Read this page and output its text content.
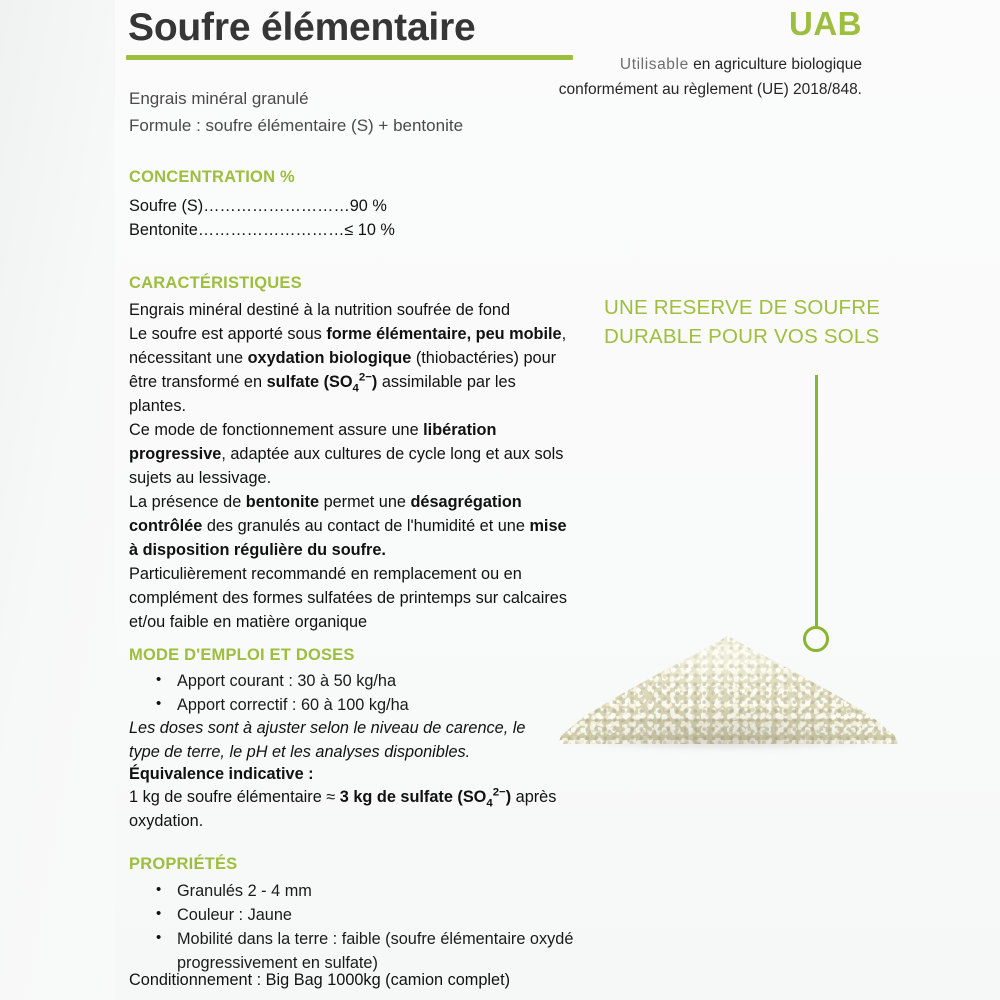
Soufre élémentaire	UAB
Utilisable en agriculture biologique conformément au règlement (UE) 2018/848.
Engrais minéral granulé
Formule : soufre élémentaire (S) + bentonite
CONCENTRATION %
Soufre (S)………………………90 %
Bentonite………………………≤ 10 %
CARACTÉRISTIQUES
Engrais minéral destiné à la nutrition soufrée de fond
Le soufre est apporté sous forme élémentaire, peu mobile, nécessitant une oxydation biologique (thiobactéries) pour être transformé en sulfate $(SO_4^{2-})$ assimilable par les plantes.
Ce mode de fonctionnement assure une libération progressive, adaptée aux cultures de cycle long et aux sols sujets au lessivage.
La présence de bentonite permet une désagrégation contrôlée des granulés au contact de l'humidité et une mise à disposition régulière du soufre.
Particulièrement recommandé en remplacement ou en complément des formes sulfatées de printemps sur calcaires et/ou faible en matière organique
MODE D'EMPLOI ET DOSES
• Apport courant : 30 à 50 kg/ha
• Apport correctif : 60 à 100 kg/ha
Les doses sont à ajuster selon le niveau de carence, le type de terre, le pH et les analyses disponibles.
Équivalence indicative :
1 kg de soufre élémentaire ≈ 3 kg de sulfate $(SO_4^{2-})$ après oxydation.
PROPRIÉTÉS
• Granulés 2 - 4 mm
• Couleur : Jaune
• Mobilité dans la terre : faible (soufre élémentaire oxydé progressivement en sulfate)
Conditionnement : Big Bag 1000kg (camion complet)
UNE RESERVE DE SOUFRE
DURABLE POUR VOS SOLS
